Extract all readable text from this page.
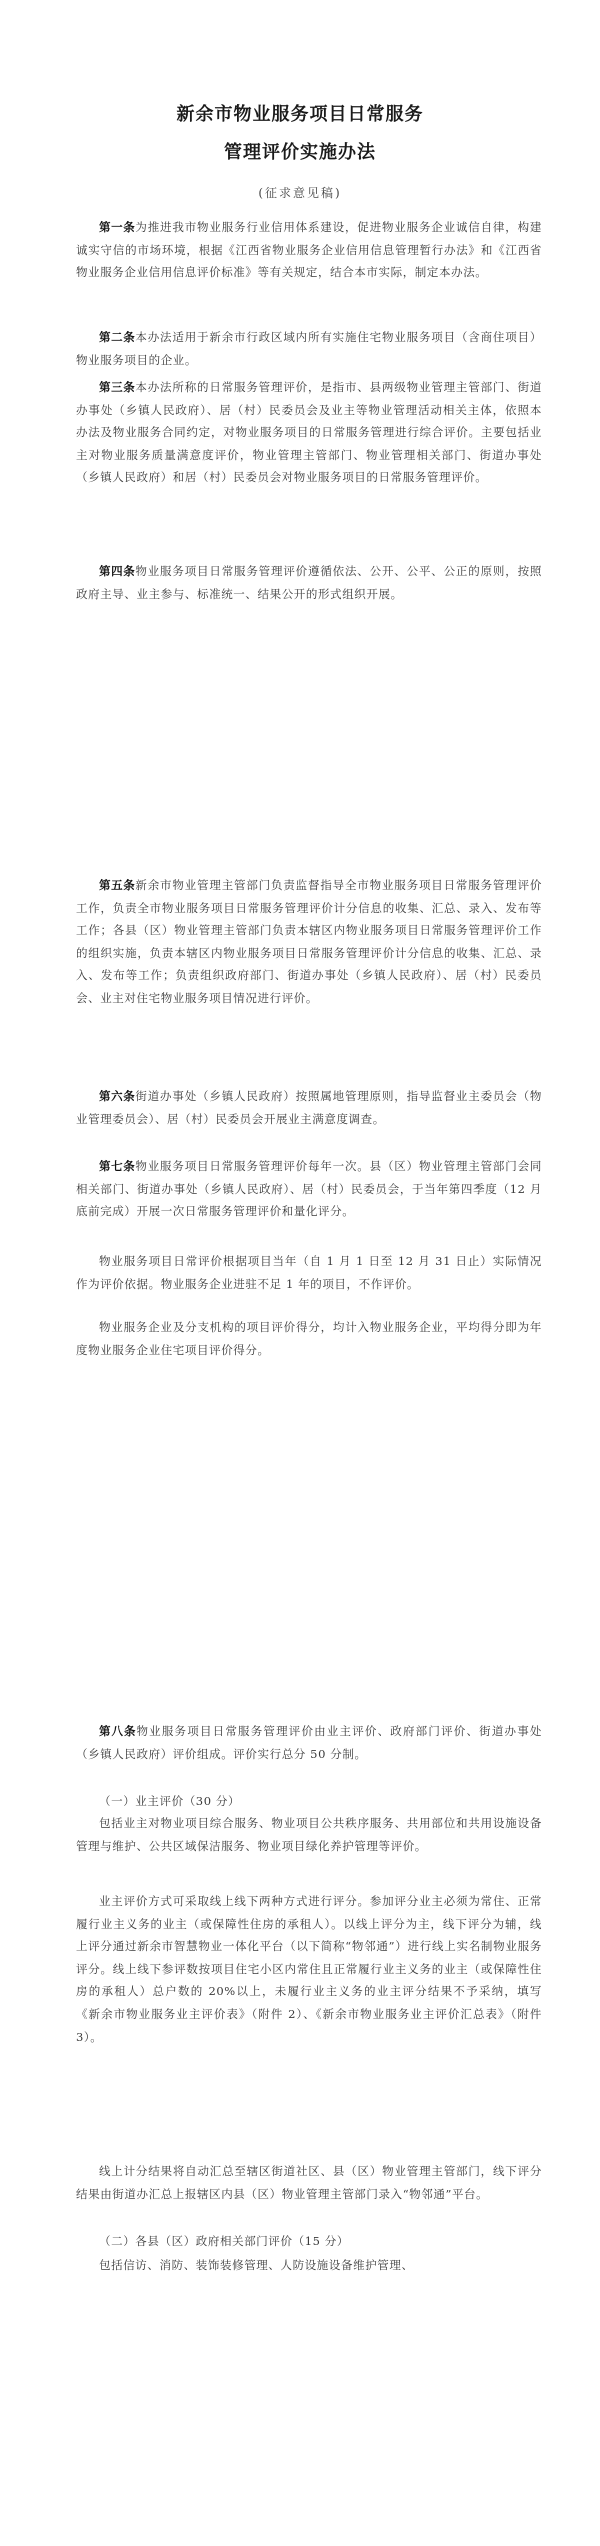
新余市物业服务项目日常服务
管理评价实施办法
(征求意见稿)

第一条为推进我市物业服务行业信用体系建设，促进物业服务企业诚信自律，构建诚实守信的市场环境，根据《江西省物业服务企业信用信息管理暂行办法》和《江西省物业服务企业信用信息评价标准》等有关规定，结合本市实际，制定本办法。

第二条本办法适用于新余市行政区域内所有实施住宅物业服务项目（含商住项目）物业服务项目的企业。

第三条本办法所称的日常服务管理评价，是指市、县两级物业管理主管部门、街道办事处（乡镇人民政府）、居（村）民委员会及业主等物业管理活动相关主体，依照本办法及物业服务合同约定，对物业服务项目的日常服务管理进行综合评价。主要包括业主对物业服务质量满意度评价，物业管理主管部门、物业管理相关部门、街道办事处（乡镇人民政府）和居（村）民委员会对物业服务项目的日常服务管理评价。

第四条物业服务项目日常服务管理评价遵循依法、公开、公平、公正的原则，按照政府主导、业主参与、标准统一、结果公开的形式组织开展。

第五条新余市物业管理主管部门负责监督指导全市物业服务项目日常服务管理评价工作，负责全市物业服务项目日常服务管理评价计分信息的收集、汇总、录入、发布等工作；各县（区）物业管理主管部门负责本辖区内物业服务项目日常服务管理评价工作的组织实施，负责本辖区内物业服务项目日常服务管理评价计分信息的收集、汇总、录入、发布等工作；负责组织政府部门、街道办事处（乡镇人民政府）、居（村）民委员会、业主对住宅物业服务项目情况进行评价。

第六条街道办事处（乡镇人民政府）按照属地管理原则，指导监督业主委员会（物业管理委员会）、居（村）民委员会开展业主满意度调查。

第七条物业服务项目日常服务管理评价每年一次。县（区）物业管理主管部门会同相关部门、街道办事处（乡镇人民政府）、居（村）民委员会，于当年第四季度（12 月底前完成）开展一次日常服务管理评价和量化评分。

物业服务项目日常评价根据项目当年（自 1 月 1 日至 12 月 31 日止）实际情况作为评价依据。物业服务企业进驻不足 1 年的项目，不作评价。

物业服务企业及分支机构的项目评价得分，均计入物业服务企业，平均得分即为年度物业服务企业住宅项目评价得分。

第八条物业服务项目日常服务管理评价由业主评价、政府部门评价、街道办事处（乡镇人民政府）评价组成。评价实行总分 50 分制。

（一）业主评价（30 分）

包括业主对物业项目综合服务、物业项目公共秩序服务、共用部位和共用设施设备管理与维护、公共区域保洁服务、物业项目绿化养护管理等评价。

业主评价方式可采取线上线下两种方式进行评分。参加评分业主必须为常住、正常履行业主义务的业主（或保障性住房的承租人）。以线上评分为主，线下评分为辅，线上评分通过新余市智慧物业一体化平台（以下简称“物邻通”）进行线上实名制物业服务评分。线上线下参评数按项目住宅小区内常住且正常履行业主义务的业主（或保障性住房的承租人）总户数的 20%以上，未履行业主义务的业主评分结果不予采纳，填写《新余市物业服务业主评价表》（附件 2）、《新余市物业服务业主评价汇总表》（附件 3）。

线上计分结果将自动汇总至辖区街道社区、县（区）物业管理主管部门，线下评分结果由街道办汇总上报辖区内县（区）物业管理主管部门录入“物邻通”平台。

（二）各县（区）政府相关部门评价（15 分）

包括信访、消防、装饰装修管理、人防设施设备维护管理、
